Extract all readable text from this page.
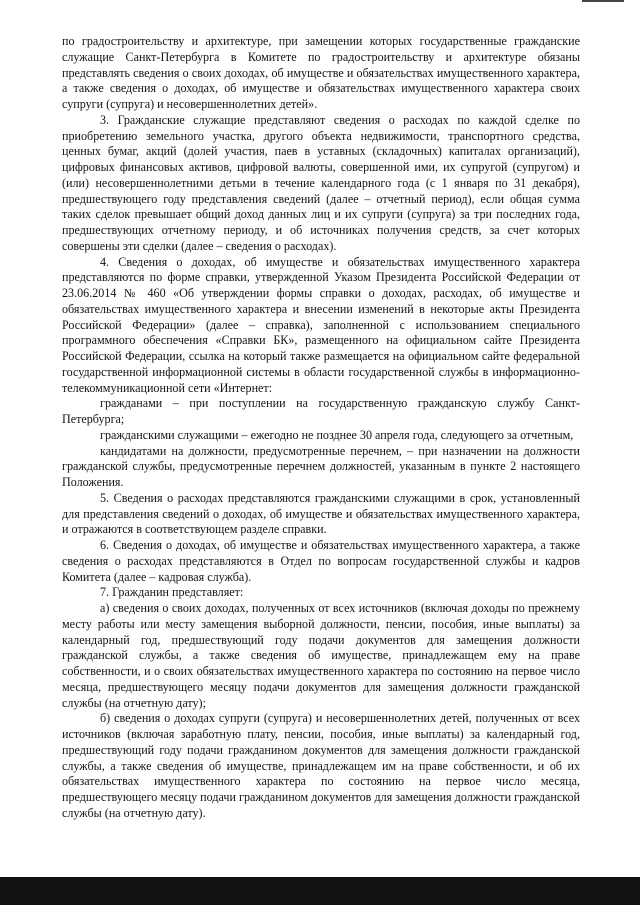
по градостроительству и архитектуре, при замещении которых государственные гражданские служащие Санкт-Петербурга в Комитете по градостроительству и архитектуре обязаны представлять сведения о своих доходах, об имуществе и обязательствах имущественного характера, а также сведения о доходах, об имуществе и обязательствах имущественного характера своих супруги (супруга) и несовершеннолетних детей».

3. Гражданские служащие представляют сведения о расходах по каждой сделке по приобретению земельного участка, другого объекта недвижимости, транспортного средства, ценных бумаг, акций (долей участия, паев в уставных (складочных) капиталах организаций), цифровых финансовых активов, цифровой валюты, совершенной ими, их супругой (супругом) и (или) несовершеннолетними детьми в течение календарного года (с 1 января по 31 декабря), предшествующего году представления сведений (далее – отчетный период), если общая сумма таких сделок превышает общий доход данных лиц и их супруги (супруга) за три последних года, предшествующих отчетному периоду, и об источниках получения средств, за счет которых совершены эти сделки (далее – сведения о расходах).

4. Сведения о доходах, об имуществе и обязательствах имущественного характера представляются по форме справки, утвержденной Указом Президента Российской Федерации от 23.06.2014 № 460 «Об утверждении формы справки о доходах, расходах, об имуществе и обязательствах имущественного характера и внесении изменений в некоторые акты Президента Российской Федерации» (далее – справка), заполненной с использованием специального программного обеспечения «Справки БК», размещенного на официальном сайте Президента Российской Федерации, ссылка на который также размещается на официальном сайте федеральной государственной информационной системы в области государственной службы в информационно-телекоммуникационной сети «Интернет:

гражданами – при поступлении на государственную гражданскую службу Санкт-Петербурга;

гражданскими служащими – ежегодно не позднее 30 апреля года, следующего за отчетным,

кандидатами на должности, предусмотренные перечнем, – при назначении на должности гражданской службы, предусмотренные перечнем должностей, указанным в пункте 2 настоящего Положения.

5. Сведения о расходах представляются гражданскими служащими в срок, установленный для представления сведений о доходах, об имуществе и обязательствах имущественного характера, и отражаются в соответствующем разделе справки.

6. Сведения о доходах, об имуществе и обязательствах имущественного характера, а также сведения о расходах представляются в Отдел по вопросам государственной службы и кадров Комитета (далее – кадровая служба).

7. Гражданин представляет:

а) сведения о своих доходах, полученных от всех источников (включая доходы по прежнему месту работы или месту замещения выборной должности, пенсии, пособия, иные выплаты) за календарный год, предшествующий году подачи документов для замещения должности гражданской службы, а также сведения об имуществе, принадлежащем ему на праве собственности, и о своих обязательствах имущественного характера по состоянию на первое число месяца, предшествующего месяцу подачи документов для замещения должности гражданской службы (на отчетную дату);

б) сведения о доходах супруги (супруга) и несовершеннолетних детей, полученных от всех источников (включая заработную плату, пенсии, пособия, иные выплаты) за календарный год, предшествующий году подачи гражданином документов для замещения должности гражданской службы, а также сведения об имуществе, принадлежащем им на праве собственности, и об их обязательствах имущественного характера по состоянию на первое число месяца, предшествующего месяцу подачи гражданином документов для замещения должности гражданской службы (на отчетную дату).
